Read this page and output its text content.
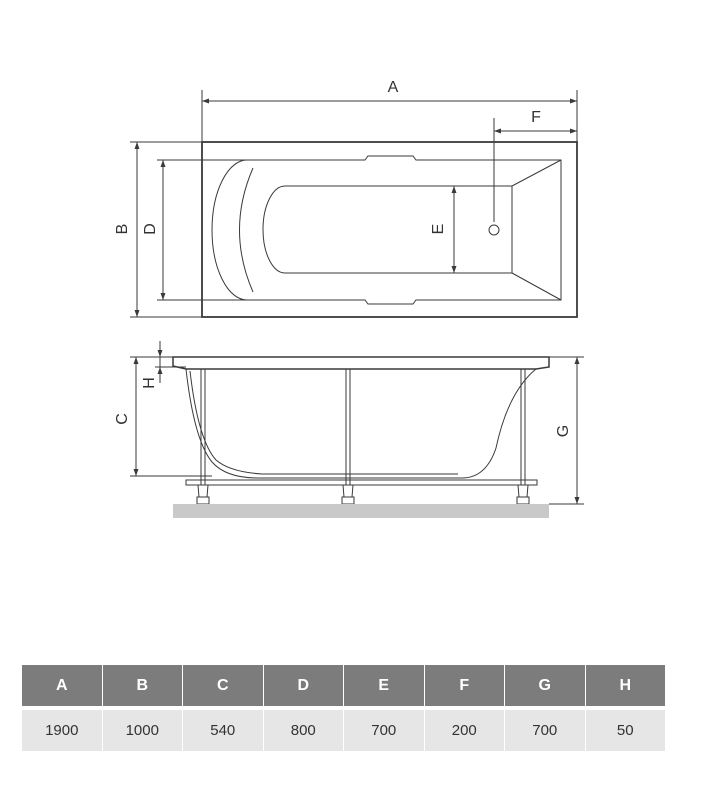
A
F
B D	E
H
C
G
A	B	C	D	E	F	G	H
1900	1000	540	800	700	200	700	50
